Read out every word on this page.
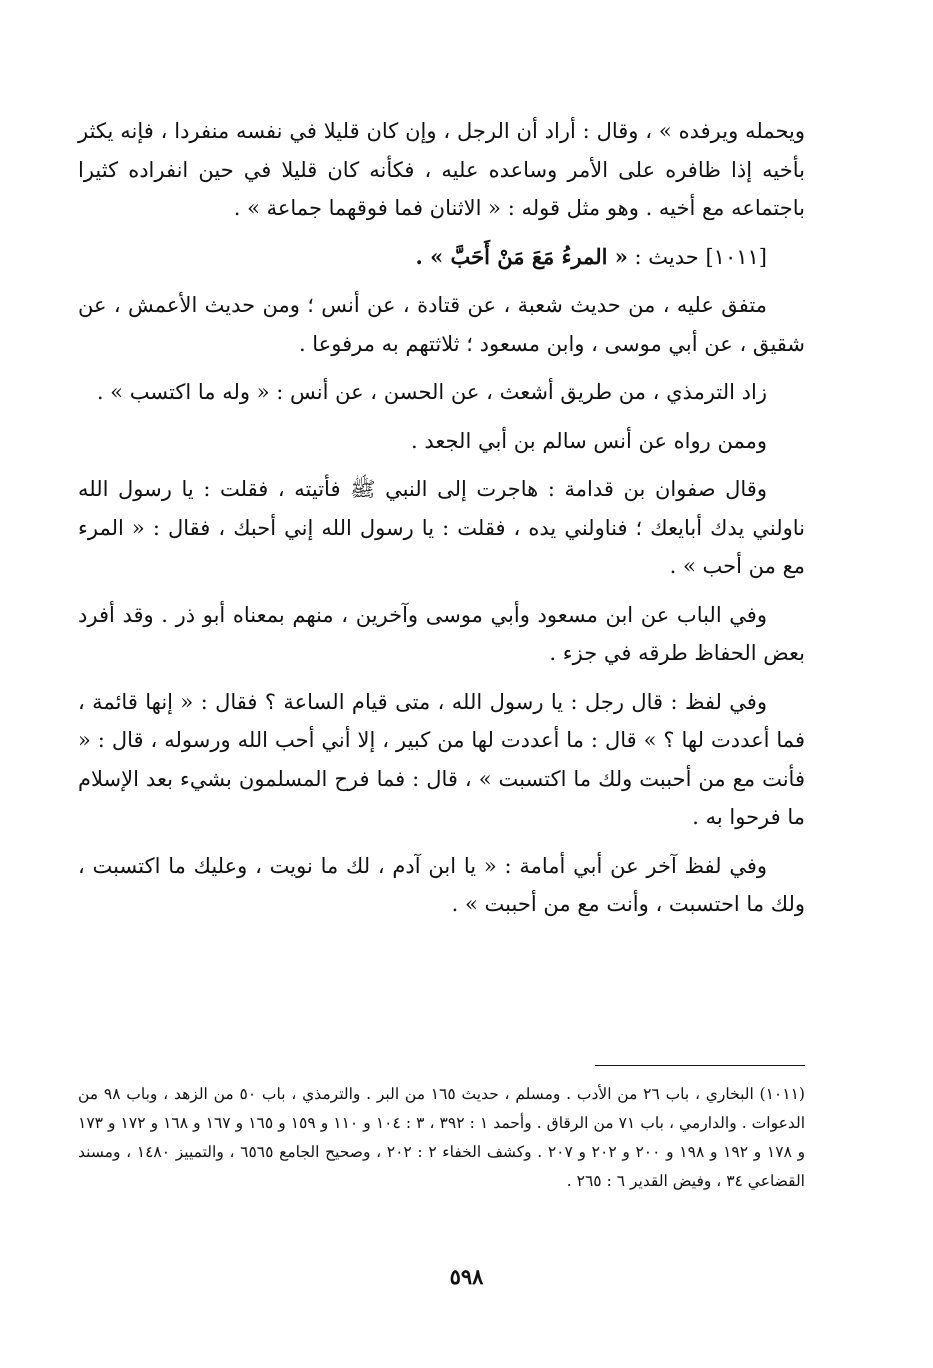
ويحمله ويرفده » ، وقال : أراد أن الرجل ، وإن كان قليلا في نفسه منفردا ، فإنه يكثر بأخيه إذا ظافره على الأمر وساعده عليه ، فكأنه كان قليلا في حين انفراده كثيرا باجتماعه مع أخيه . وهو مثل قوله : « الاثنان فما فوقهما جماعة » .

[١٠١١] حديث : « المرءُ مَعَ مَنْ أَحَبَّ » .

متفق عليه ، من حديث شعبة ، عن قتادة ، عن أنس ؛ ومن حديث الأعمش ، عن شقيق ، عن أبي موسى ، وابن مسعود ؛ ثلاثتهم به مرفوعا .

زاد الترمذي ، من طريق أشعث ، عن الحسن ، عن أنس : « وله ما اكتسب » .

وممن رواه عن أنس سالم بن أبي الجعد .

وقال صفوان بن قدامة : هاجرت إلى النبي ﷺ فأتيته ، فقلت : يا رسول الله ناولني يدك أبايعك ؛ فناولني يده ، فقلت : يا رسول الله إني أحبك ، فقال : « المرء مع من أحب » .

وفي الباب عن ابن مسعود وأبي موسى وآخرين ، منهم بمعناه أبو ذر . وقد أفرد بعض الحفاظ طرقه في جزء .

وفي لفظ : قال رجل : يا رسول الله ، متى قيام الساعة ؟ فقال : « إنها قائمة ، فما أعددت لها ؟ » قال : ما أعددت لها من كبير ، إلا أني أحب الله ورسوله ، قال : « فأنت مع من أحببت ولك ما اكتسبت » ، قال : فما فرح المسلمون بشيء بعد الإسلام ما فرحوا به .

وفي لفظ آخر عن أبي أمامة : « يا ابن آدم ، لك ما نويت ، وعليك ما اكتسبت ، ولك ما احتسبت ، وأنت مع من أحببت » .

(١٠١١) البخاري ، باب ٢٦ من الأدب . ومسلم ، حديث ١٦٥ من البر . والترمذي ، باب ٥٠ من الزهد ، وباب ٩٨ من الدعوات . والدارمي ، باب ٧١ من الرقاق . وأحمد ١ : ٣٩٢ ، ٣ : ١٠٤ و ١١٠ و ١٥٩ و ١٦٥ و ١٦٧ و ١٦٨ و ١٧٢ و ١٧٣ و ١٧٨ و ١٩٢ و ١٩٨ و ٢٠٠ و ٢٠٢ و ٢٠٧ . وكشف الخفاء ٢ : ٢٠٢ ، وصحيح الجامع ٦٥٦٥ ، والتمييز ١٤٨٠ ، ومسند القضاعي ٣٤ ، وفيض القدير ٦ : ٢٦٥ .
٥٩٨
